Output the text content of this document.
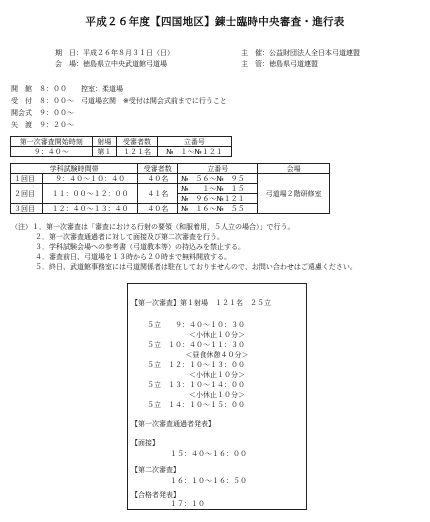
平成２６年度【四国地区】錬士臨時中央審査・進行表
期　日：平成２６年８月３１日（日）
会　場：徳島県立中央武道館弓道場
主　催：公益財団法人全日本弓道連盟
主　管：徳島県弓道連盟
開　館　８：００　　控室：柔道場
受　付　８：００～　弓道場玄関　※受付は開会式前までに行うこと
開会式　９：００～
矢　渡　９：２０～
第一次審査開始時刻	射場	受審者数	立番号
９：４０～	第１	１２１名	№　１～№１２１
学科試験時間帯		受審者数	立番号	会場
１回目	９：４０～１０：４０	４０名	№　５６～№　９５	弓道場２階研修室
２回目	１１：００～１２：００	４１名	№　　１～№　１５	
			№　９６～№１２１	
３回目	１２：４０～１３：４０	４０名	№　１６～№　５５	
（注）１．第一次審査は「審査における行射の要領（和服着用，５人立の場合）」で行う。
２．第一次審査通過者に対して面接及び第二次審査を行う。
３．学科試験会場への参考書（弓道教本等）の持込みを禁止する。
４．審査前日、弓道場を１３時から２０時まで無料開放する。
５．終日、武道館事務室には弓道関係者は駐在しておりませんので、お問い合わせはご遠慮ください。
【第一次審査】第１射場　１２１名　２５立
５立　　９：４０～１０：３０
＜小休止１０分＞
５立　１０：４０～１１：３０
＜昼食休憩４０分＞
５立　１２：１０～１３：００
＜小休止１０分＞
５立　１３：１０～１４：００
＜小休止１０分＞
５立　１４：１０～１５：００
【第一次審査通過者発表】
【面接】
１５：４０～１６：００
【第二次審査】
１６：１０～１６：５０
【合格者発表】
１７：１０
